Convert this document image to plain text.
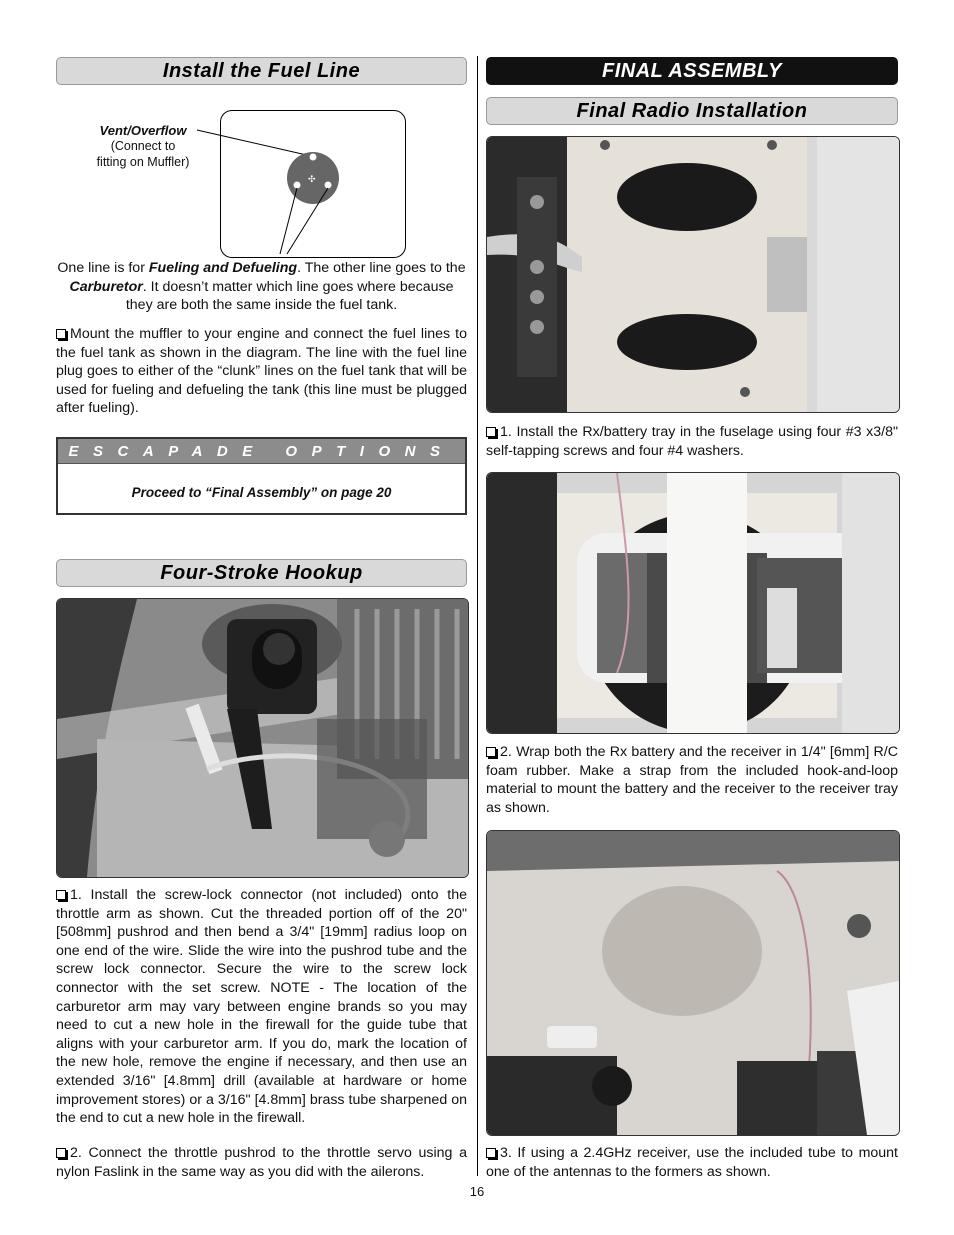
Install the Fuel Line
Vent/Overflow
(Connect to
fitting on Muffler)
✣

One line is for Fueling and Defueling. The other line goes to the Carburetor. It doesn’t matter which line goes where because they are both the same inside the fuel tank.

Mount the muffler to your engine and connect the fuel lines to the fuel tank as shown in the diagram. The line with the fuel line plug goes to either of the “clunk” lines on the fuel tank that will be used for fueling and defueling the tank (this line must be plugged after fueling).

ESCAPADE OPTIONS
Proceed to “Final Assembly” on page 20
Four-Stroke Hookup

1. Install the screw-lock connector (not included) onto the throttle arm as shown. Cut the threaded portion off of the 20" [508mm] pushrod and then bend a 3/4" [19mm] radius loop on one end of the wire. Slide the wire into the pushrod tube and the screw lock connector. Secure the wire to the screw lock connector with the set screw. NOTE - The location of the carburetor arm may vary between engine brands so you may need to cut a new hole in the firewall for the guide tube that aligns with your carburetor arm. If you do, mark the location of the new hole, remove the engine if necessary, and then use an extended 3/16" [4.8mm] drill (available at hardware or home improvement stores) or a 3/16" [4.8mm] brass tube sharpened on the end to cut a new hole in the firewall.

2. Connect the throttle pushrod to the throttle servo using a nylon Faslink in the same way as you did with the ailerons.

FINAL ASSEMBLY
Final Radio Installation

1. Install the Rx/battery tray in the fuselage using four #3 x3/8" self-tapping screws and four #4 washers.

2. Wrap both the Rx battery and the receiver in 1/4" [6mm] R/C foam rubber. Make a strap from the included hook-and-loop material to mount the battery and the receiver to the receiver tray as shown.

3. If using a 2.4GHz receiver, use the included tube to mount one of the antennas to the formers as shown.

16
